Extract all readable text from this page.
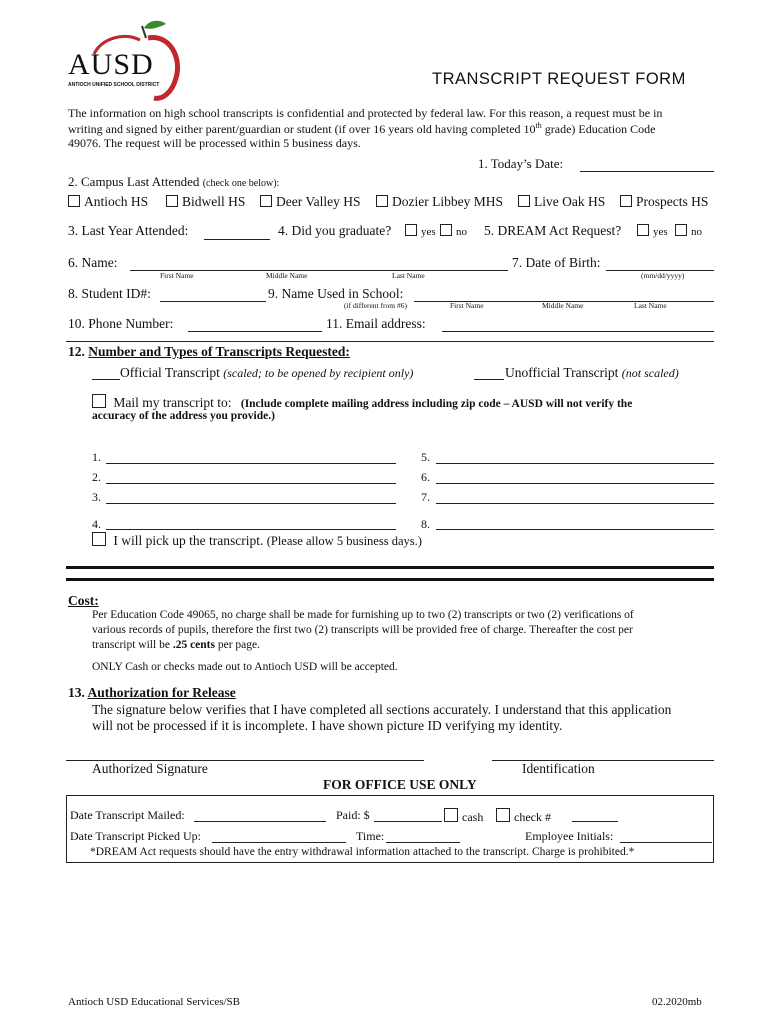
AUSD
ANTIOCH UNIFIED SCHOOL DISTRICT	TRANSCRIPT REQUEST FORM
The information on high school transcripts is confidential and protected by federal law. For this reason, a request must be in
writing and signed by either parent/guardian or student (if over 16 years old having completed 10th grade) Education Code
49076. The request will be processed within 5 business days.
1. Today’s Date:
2. Campus Last Attended (check one below):
Antioch HS	Bidwell HS	Deer Valley HS	Dozier Libbey MHS	Live Oak HS	Prospects HS
3. Last Year Attended:	4. Did you graduate?	yes	no 5. DREAM Act Request?	yes	no
6. Name:
First Name	Middle Name	Last Name
7. Date of Birth:
(mm/dd/yyyy)
8. Student ID#:	9. Name Used in School:
(if different from #6)	First Name	Middle Name	Last Name
10. Phone Number:	11. Email address:
12. Number and Types of Transcripts Requested:
Official Transcript (scaled; to be opened by recipient only)	Unofficial Transcript (not scaled)
Mail my transcript to: (Include complete mailing address including zip code – AUSD will not verify the
accuracy of the address you provide.)
1.
2.
3.
4.
5.
6.
7.
8.
I will pick up the transcript. (Please allow 5 business days.)
Cost:
Per Education Code 49065, no charge shall be made for furnishing up to two (2) transcripts or two (2) verifications of
various records of pupils, therefore the first two (2) transcripts will be provided free of charge. Thereafter the cost per
transcript will be .25 cents per page.
ONLY Cash or checks made out to Antioch USD will be accepted.
13. Authorization for Release
The signature below verifies that I have completed all sections accurately. I understand that this application
will not be processed if it is incomplete. I have shown picture ID verifying my identity.
Authorized Signature	Identification
FOR OFFICE USE ONLY
Date Transcript Mailed:	Paid: $	cash	check #
Date Transcript Picked Up:	Time:	Employee Initials:
*DREAM Act requests should have the entry withdrawal information attached to the transcript. Charge is prohibited.*
Antioch USD Educational Services/SB	02.2020mb
